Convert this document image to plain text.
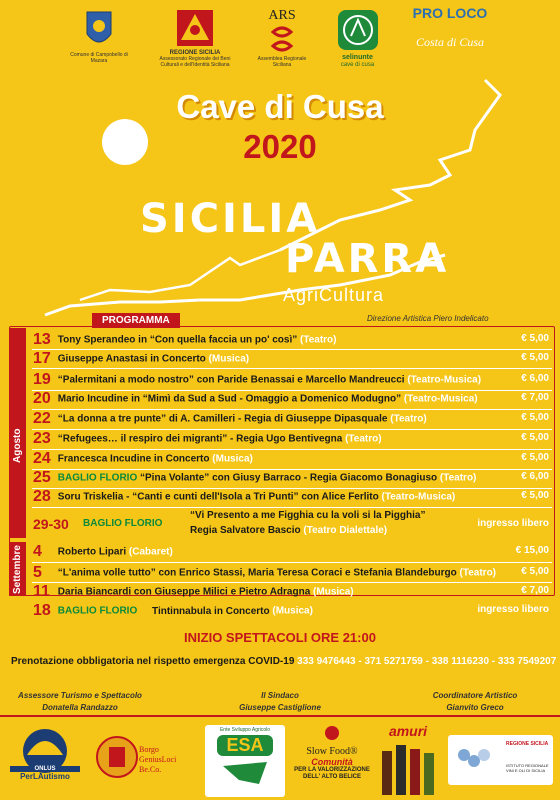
Comune di Campobello di Mazara
REGIONE SICILIA
Assessorato Regionale dei Beni Culturali e dell'Identità Siciliana
ARS
Assemblea Regionale Siciliana
selinunte
cave di cusa
PRO LOCO
Costa di Cusa
Cave di Cusa
2020
SICILIA
PARRA
AgriCultura
Direzione Artistica Piero Indelicato
PROGRAMMA
Agosto
Settembre
13 Tony Sperandeo in “Con quella faccia un po' così” (Teatro)	€ 5,00
17 Giuseppe Anastasi in Concerto (Musica)	€ 5,00
19 “Palermitani a modo nostro” con Paride Benassai e Marcello Mandreucci (Teatro-Musica)	€ 6,00
20 Mario Incudine in “Mimì da Sud a Sud - Omaggio a Domenico Modugno” (Teatro-Musica)	€ 7,00
22 “La donna a tre punte” di A. Camilleri - Regia di Giuseppe Dipasquale (Teatro)	€ 5,00
23 “Refugees… il respiro dei migranti” - Regia Ugo Bentivegna (Teatro)	€ 5,00
24 Francesca Incudine in Concerto (Musica)	€ 5,00
25 BAGLIO FLORIO “Pina Volante” con Giusy Barraco - Regia Giacomo Bonagiuso (Teatro)	€ 6,00
28 Soru Triskelia - “Canti e cunti dell'Isola a Tri Punti” con Alice Ferlito (Teatro-Musica)	€ 5,00
29-30	BAGLIO FLORIO
“Vi Presento a me Figghia cu la voli si la Pigghia”
Regia Salvatore Bascio (Teatro Dialettale)
ingresso libero
4 Roberto Lipari (Cabaret)	€ 15,00
5 “L'anima volle tutto” con Enrico Stassi, Maria Teresa Coraci e Stefania Blandeburgo (Teatro)	€ 5,00
11 Daria Biancardi con Giuseppe Milici e Pietro Adragna (Musica)	€ 7,00
18 BAGLIO FLORIO Tintinnabula in Concerto (Musica)	ingresso libero
INIZIO SPETTACOLI ORE 21:00
Prenotazione obbligatoria nel rispetto emergenza COVID-19 333 9476443 - 371 5271759 - 338 1116230 - 333 7549207
Assessore Turismo e Spettacolo
Donatella Randazzo
Il Sindaco
Giuseppe Castiglione
Coordinatore Artistico
Gianvito Greco
ONLUS
PerLAutismo
Borgo GeniusLoci Be.Co.
Ente Sviluppo Agricolo
ESA	Slow Food®
Comunità
PER LA VALORIZZAZIONE DELL' ALTO BELICE
amuri
REGIONE SICILIA
ISTITUTO REGIONALE VINI E OLI DI SICILIA
